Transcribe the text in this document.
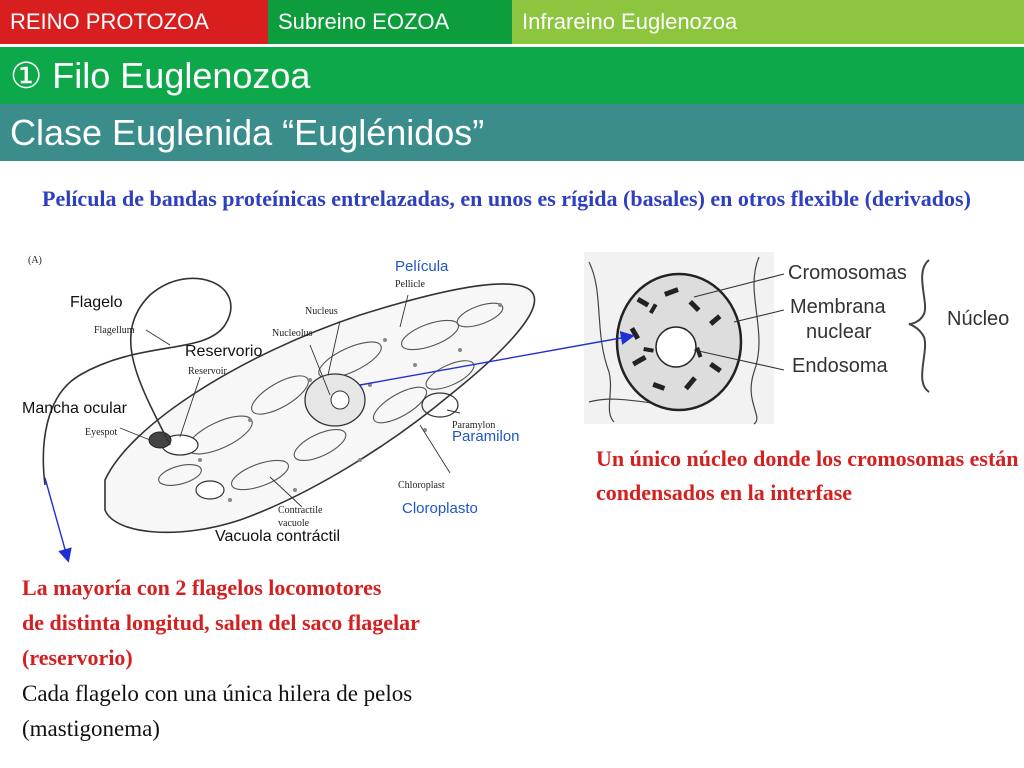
REINO PROTOZOA	Subreino EOZOA	Infrareino Euglenozoa
① Filo Euglenozoa
Clase Euglenida “Euglénidos”
Película de bandas proteínicas entrelazadas, en unos es rígida (basales) en otros flexible (derivados)
(A)
Flagelo
Flagellum
Reservorio
Reservoir
Mancha ocular
Eyespot
Película
Pellicle
Nucleus
Nucleolus
Paramylon
Paramilon
Chloroplast
Cloroplasto
Contractile
vacuole
Vacuola contráctil
Cromosomas
Membrana
nuclear
Endosoma
Núcleo
Un único núcleo donde los cromosomas están condensados en la interfase
La mayoría con 2 flagelos locomotores
de distinta longitud, salen del saco flagelar
(reservorio)
Cada flagelo con una única hilera de pelos
(mastigonema)
